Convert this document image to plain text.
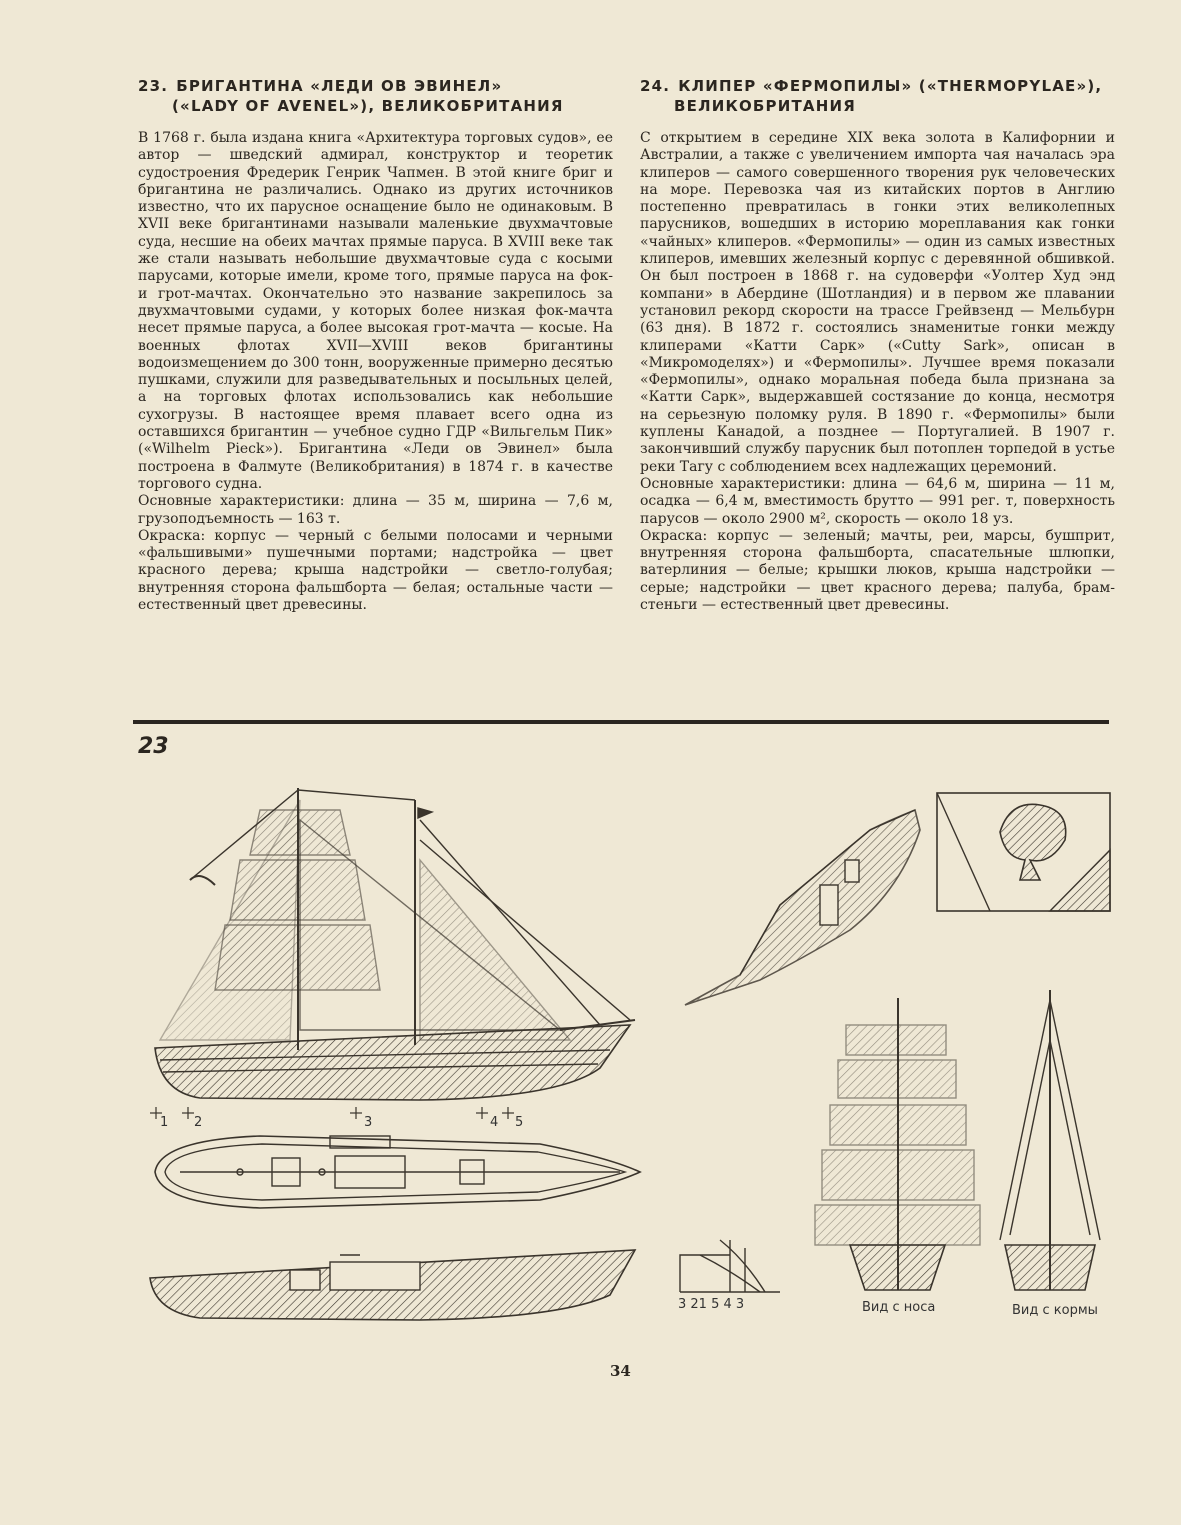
23. БРИГАНТИНА «ЛЕДИ ОВ ЭВИНЕЛ»
(«LADY OF AVENEL»), ВЕЛИКОБРИТАНИЯ

В 1768 г. была издана книга «Архитектура торговых судов», ее автор — шведский адмирал, конструктор и теоретик судостроения Фредерик Генрик Чапмен. В этой книге бриг и бригантина не различались. Однако из других источников известно, что их парусное оснащение было не одинаковым. В XVII веке бригантинами называли маленькие двухмачтовые суда, несшие на обеих мачтах прямые паруса. В XVIII веке так же стали называть небольшие двухмачтовые суда с косыми парусами, которые имели, кроме того, прямые паруса на фок- и грот-мачтах. Окончательно это название закрепилось за двухмачтовыми судами, у которых более низкая фок-мачта несет прямые паруса, а более высокая грот-мачта — косые. На военных флотах XVII—XVIII веков бригантины водоизмещением до 300 тонн, вооруженные примерно десятью пушками, служили для разведывательных и посыльных целей, а на торговых флотах использовались как небольшие сухогрузы. В настоящее время плавает всего одна из оставшихся бригантин — учебное судно ГДР «Вильгельм Пик» («Wilhelm Pieck»). Бригантина «Леди ов Эвинел» была построена в Фалмуте (Великобритания) в 1874 г. в качестве торгового судна.

Основные характеристики: длина — 35 м, ширина — 7,6 м, грузоподъемность — 163 т.

Окраска: корпус — черный с белыми полосами и черными «фальшивыми» пушечными портами; надстройка — цвет красного дерева; крыша надстройки — светло-голубая; внутренняя сторона фальшборта — белая; остальные части — естественный цвет древесины.

24. КЛИПЕР «ФЕРМОПИЛЫ» («THERMOPYLAE»),
ВЕЛИКОБРИТАНИЯ

С открытием в середине XIX века золота в Калифорнии и Австралии, а также с увеличением импорта чая началась эра клиперов — самого совершенного творения рук человеческих на море. Перевозка чая из китайских портов в Англию постепенно превратилась в гонки этих великолепных парусников, вошедших в историю мореплавания как гонки «чайных» клиперов. «Фермопилы» — один из самых известных клиперов, имевших железный корпус с деревянной обшивкой. Он был построен в 1868 г. на судоверфи «Уолтер Худ энд компани» в Абердине (Шотландия) и в первом же плавании установил рекорд скорости на трассе Грейвзенд — Мельбурн (63 дня). В 1872 г. состоялись знаменитые гонки между клиперами «Катти Сарк» («Cutty Sark», описан в «Микромоделях») и «Фермопилы». Лучшее время показали «Фермопилы», однако моральная победа была признана за «Катти Сарк», выдержавшей состязание до конца, несмотря на серьезную поломку руля. В 1890 г. «Фермопилы» были куплены Канадой, а позднее — Португалией. В 1907 г. закончивший службу парусник был потоплен торпедой в устье реки Тагу с соблюдением всех надлежащих церемоний.

Основные характеристики: длина — 64,6 м, ширина — 11 м, осадка — 6,4 м, вместимость брутто — 991 рег. т, поверхность парусов — около 2900 м², скорость — около 18 уз.

Окраска: корпус — зеленый; мачты, реи, марсы, бушприт, внутренняя сторона фальшборта, спасательные шлюпки, ватерлиния — белые; крышки люков, крыша надстройки — серые; надстройки — цвет красного дерева; палуба, брам-стеньги — естественный цвет древесины.

23
1 2	3	4 5
3 21 5 4 3	Вид с носа	Вид с кормы
34
